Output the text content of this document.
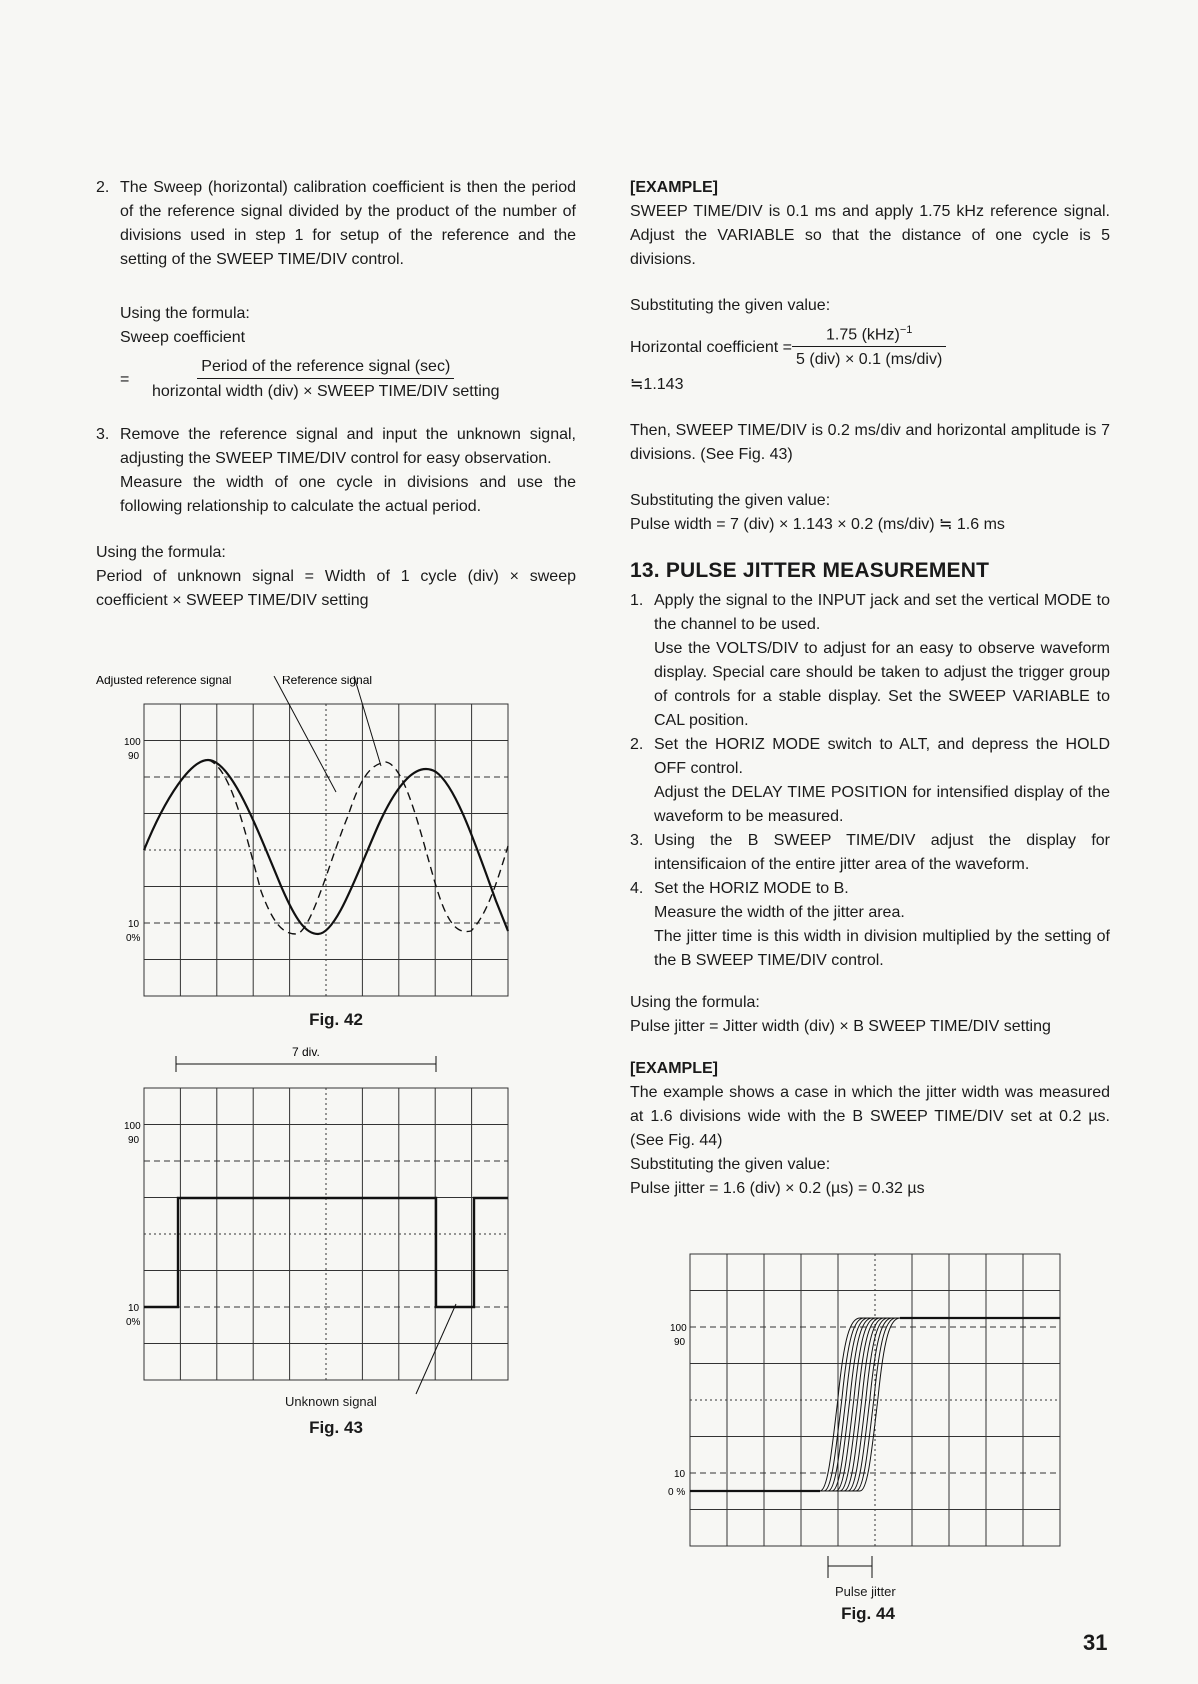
2. The Sweep (horizontal) calibration coefficient is then the period of the reference signal divided by the product of the number of divisions used in step 1 for setup of the reference and the setting of the SWEEP TIME/DIV control.

Using the formula:

Sweep coefficient

=	$\frac{\text{Period of the reference signal (sec)}}{\text{horizontal width (div) × SWEEP TIME/DIV setting}}$
3. Remove the reference signal and input the unknown signal, adjusting the SWEEP TIME/DIV control for easy observation.

Measure the width of one cycle in divisions and use the following relationship to calculate the actual period.

Using the formula:

Period of unknown signal = Width of 1 cycle (div) × sweep coefficient × SWEEP TIME/DIV setting

Adjusted reference signal	Reference signal
100
90
10
0%
Fig. 42
7 div.
100
90
10
0%
Unknown signal
Fig. 43

[EXAMPLE]

SWEEP TIME/DIV is 0.1 ms and apply 1.75 kHz reference signal. Adjust the VARIABLE so that the distance of one cycle is 5 divisions.

Substituting the given value:

Horizontal coefficient = $\frac{1.75 (kHz)^{-1}}{\text{5 (div) × 0.1 (ms/div)}}$

≒1.143

Then, SWEEP TIME/DIV is 0.2 ms/div and horizontal amplitude is 7 divisions. (See Fig. 43)

Substituting the given value:

Pulse width = 7 (div) × 1.143 × 0.2 (ms/div) ≒ 1.6 ms

13. PULSE JITTER MEASUREMENT

1. Apply the signal to the INPUT jack and set the vertical MODE to the channel to be used.

Use the VOLTS/DIV to adjust for an easy to observe waveform display. Special care should be taken to adjust the trigger group of controls for a stable display. Set the SWEEP VARIABLE to CAL position.

2. Set the HORIZ MODE switch to ALT, and depress the HOLD OFF control.

Adjust the DELAY TIME POSITION for intensified display of the waveform to be measured.

3. Using the B SWEEP TIME/DIV adjust the display for intensificaion of the entire jitter area of the waveform.

4. Set the HORIZ MODE to B.

Measure the width of the jitter area.

The jitter time is this width in division multiplied by the setting of the B SWEEP TIME/DIV control.

Using the formula:

Pulse jitter = Jitter width (div) × B SWEEP TIME/DIV setting

[EXAMPLE]

The example shows a case in which the jitter width was measured at 1.6 divisions wide with the B SWEEP TIME/DIV set at 0.2 µs. (See Fig. 44)

Substituting the given value:

Pulse jitter = 1.6 (div) × 0.2 (µs) = 0.32 µs

100
90
10
0 %
Pulse jitter
Fig. 44
31
